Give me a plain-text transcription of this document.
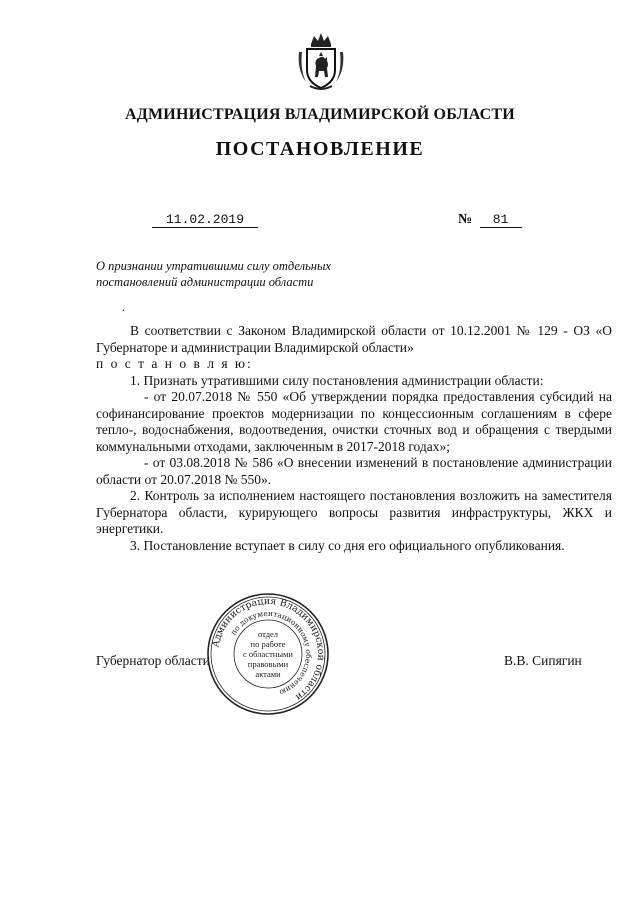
АДМИНИСТРАЦИЯ ВЛАДИМИРСКОЙ ОБЛАСТИ
ПОСТАНОВЛЕНИЕ
11.02.2019	№ 81
О признании утратившими силу отдельных
постановлений администрации области
.

В соответствии с Законом Владимирской области от 10.12.2001 № 129 - ОЗ «О Губернаторе и администрации Владимирской области»

п о с т а н о в л я ю:

1. Признать утратившими силу постановления администрации области:

- от 20.07.2018 № 550 «Об утверждении порядка предоставления субсидий на софинансирование проектов модернизации по концессионным соглашениям в сфере тепло-, водоснабжения, водоотведения, очистки сточных вод и обращения с твердыми коммунальными отходами, заключенным в 2017-2018 годах»;

- от 03.08.2018 № 586 «О внесении изменений в постановление администрации области от 20.07.2018 № 550».

2. Контроль за исполнением настоящего постановления возложить на заместителя Губернатора области, курирующего вопросы развития инфраструктуры, ЖКХ и энергетики.

3. Постановление вступает в силу со дня его официального опубликования.

Губернатор области	В.В. Сипягин
Администрация Владимирской области
по документационному обеспечению
отдел
по работе
с областными
правовыми
актами
